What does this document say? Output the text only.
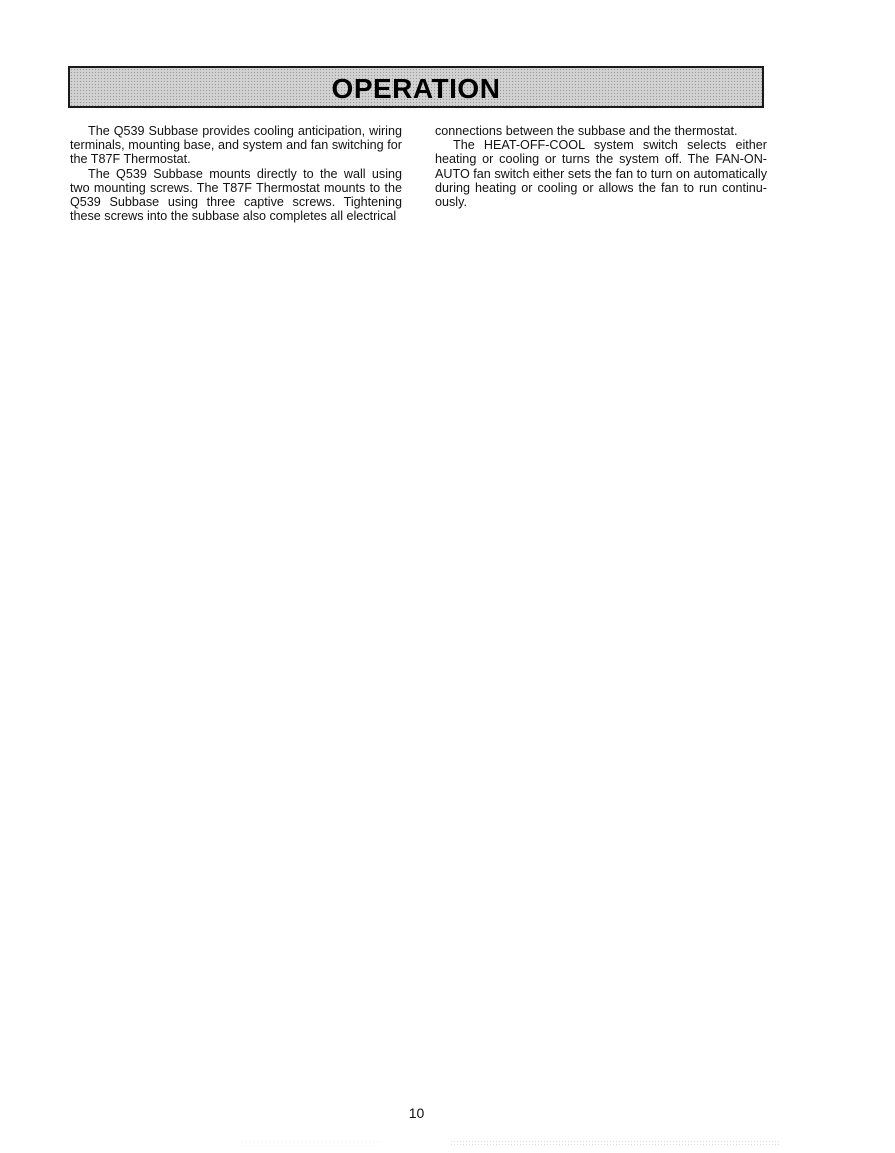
OPERATION

The Q539 Subbase provides cooling anticipation, wiring terminals, mounting base, and system and fan switching for the T87F Thermostat.

The Q539 Subbase mounts directly to the wall using two mounting screws. The T87F Thermostat mounts to the Q539 Subbase using three captive screws. Tightening these screws into the subbase also completes all electrical

connections between the subbase and the thermostat.

The HEAT-OFF-COOL system switch selects either heating or cooling or turns the system off. The FAN-ON-AUTO fan switch either sets the fan to turn on automatically during heating or cooling or allows the fan to run continuously.

10
